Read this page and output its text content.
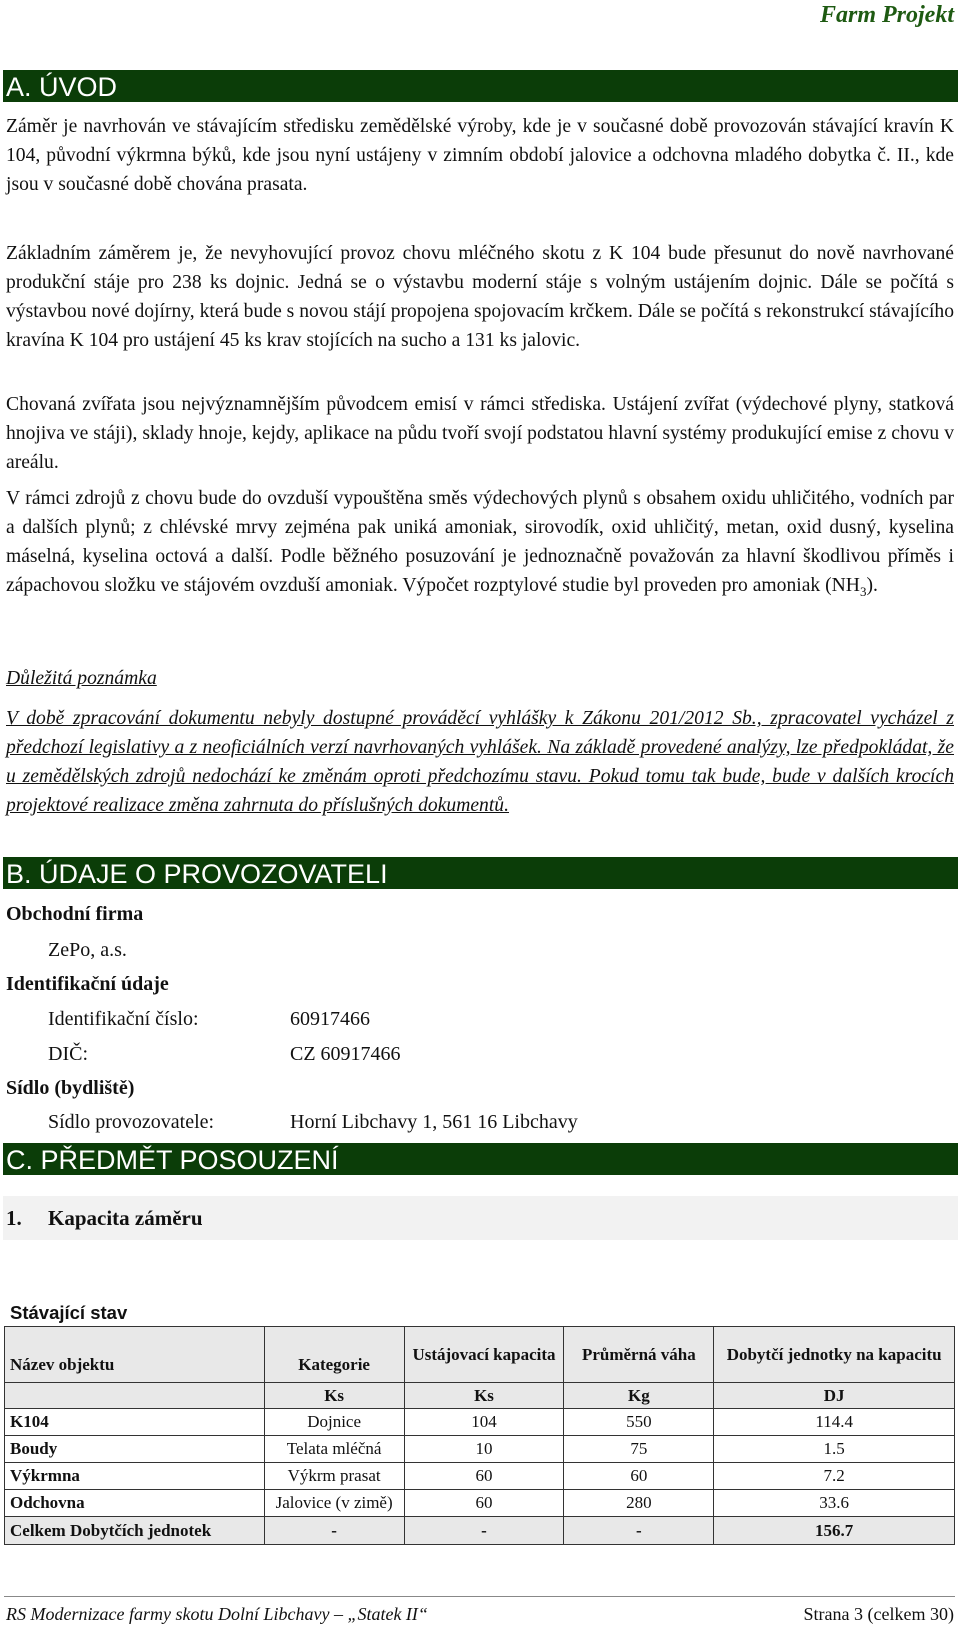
Farm Projekt
A. ÚVOD
Záměr je navrhován ve stávajícím středisku zemědělské výroby, kde je v současné době provozován stávající kravín K 104, původní výkrmna býků, kde jsou nyní ustájeny v zimním období jalovice a odchovna mladého dobytka č. II., kde jsou v současné době chována prasata.
Základním záměrem je, že nevyhovující provoz chovu mléčného skotu z K 104 bude přesunut do nově navrhované produkční stáje pro 238 ks dojnic. Jedná se o výstavbu moderní stáje s volným ustájením dojnic. Dále se počítá s výstavbou nové dojírny, která bude s novou stájí propojena spojovacím krčkem. Dále se počítá s rekonstrukcí stávajícího kravína K 104 pro ustájení 45 ks krav stojících na sucho a 131 ks jalovic.
Chovaná zvířata jsou nejvýznamnějším původcem emisí v rámci střediska. Ustájení zvířat (výdechové plyny, statková hnojiva ve stáji), sklady hnoje, kejdy, aplikace na půdu tvoří svojí podstatou hlavní systémy produkující emise z chovu v areálu.
V rámci zdrojů z chovu bude do ovzduší vypouštěna směs výdechových plynů s obsahem oxidu uhličitého, vodních par a dalších plynů; z chlévské mrvy zejména pak uniká amoniak, sirovodík, oxid uhličitý, metan, oxid dusný, kyselina máselná, kyselina octová a další. Podle běžného posuzování je jednoznačně považován za hlavní škodlivou příměs i zápachovou složku ve stájovém ovzduší amoniak. Výpočet rozptylové studie byl proveden pro amoniak $(NH_3)$.
Důležitá poznámka
V době zpracování dokumentu nebyly dostupné prováděcí vyhlášky k Zákonu 201/2012 Sb., zpracovatel vycházel z předchozí legislativy a z neoficiálních verzí navrhovaných vyhlášek. Na základě provedené analýzy, lze předpokládat, že u zemědělských zdrojů nedochází ke změnám oproti předchozímu stavu. Pokud tomu tak bude, bude v dalších krocích projektové realizace změna zahrnuta do příslušných dokumentů.
B. ÚDAJE O PROVOZOVATELI
Obchodní firma
ZePo, a.s.
Identifikační údaje
Identifikační číslo:	60917466
DIČ:	CZ 60917466
Sídlo (bydliště)
Sídlo provozovatele:	Horní Libchavy 1, 561 16 Libchavy
C. PŘEDMĚT POSOUZENÍ
1. Kapacita záměru
Stávající stav
Název objektu	Kategorie	Ustájovací kapacita	Průměrná váha	Dobytčí jednotky na kapacitu
	Ks	Ks	Kg	DJ
K104	Dojnice	104	550	114.4
Boudy	Telata mléčná	10	75	1.5
Výkrmna	Výkrm prasat	60	60	7.2
Odchovna	Jalovice (v zimě)	60	280	33.6
Celkem Dobytčích jednotek	-	-	-	156.7
RS Modernizace farmy skotu Dolní Libchavy – „Statek II“	Strana 3 (celkem 30)
